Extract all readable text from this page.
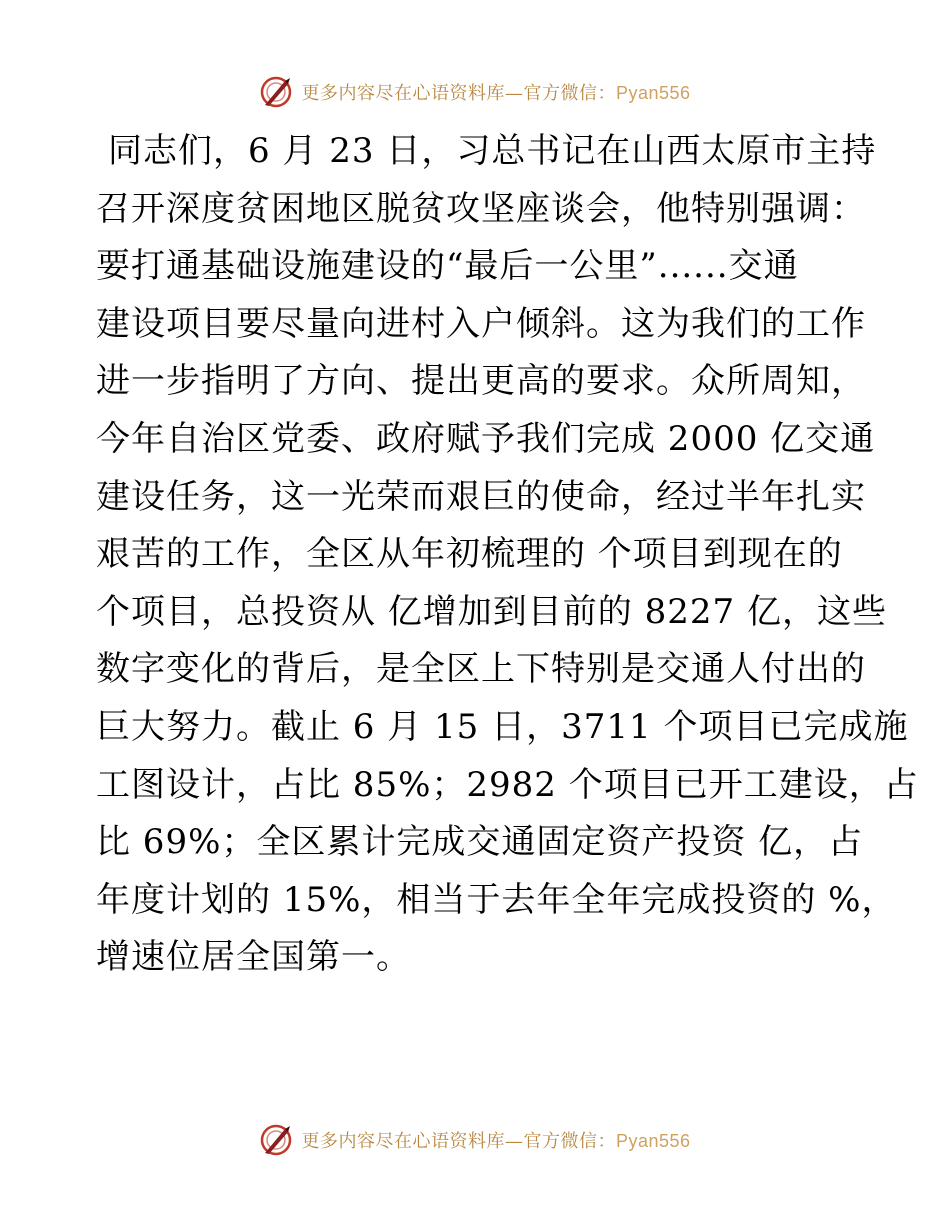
更多内容尽在心语资料库—官方微信：Pyan556
同志们，6 月 23 日，习总书记在山西太原市主持
召开深度贫困地区脱贫攻坚座谈会，他特别强调：
要打通基础设施建设的“最后一公里”......交通
建设项目要尽量向进村入户倾斜。这为我们的工作
进一步指明了方向、提出更高的要求。众所周知，
今年自治区党委、政府赋予我们完成 2000 亿交通
建设任务，这一光荣而艰巨的使命，经过半年扎实
艰苦的工作，全区从年初梳理的 个项目到现在的
个项目，总投资从 亿增加到目前的 8227 亿，这些
数字变化的背后，是全区上下特别是交通人付出的
巨大努力。截止 6 月 15 日，3711 个项目已完成施
工图设计，占比 85%；2982 个项目已开工建设，占
比 69%；全区累计完成交通固定资产投资 亿，占
年度计划的 15%，相当于去年全年完成投资的 %，
增速位居全国第一。
更多内容尽在心语资料库—官方微信：Pyan556
